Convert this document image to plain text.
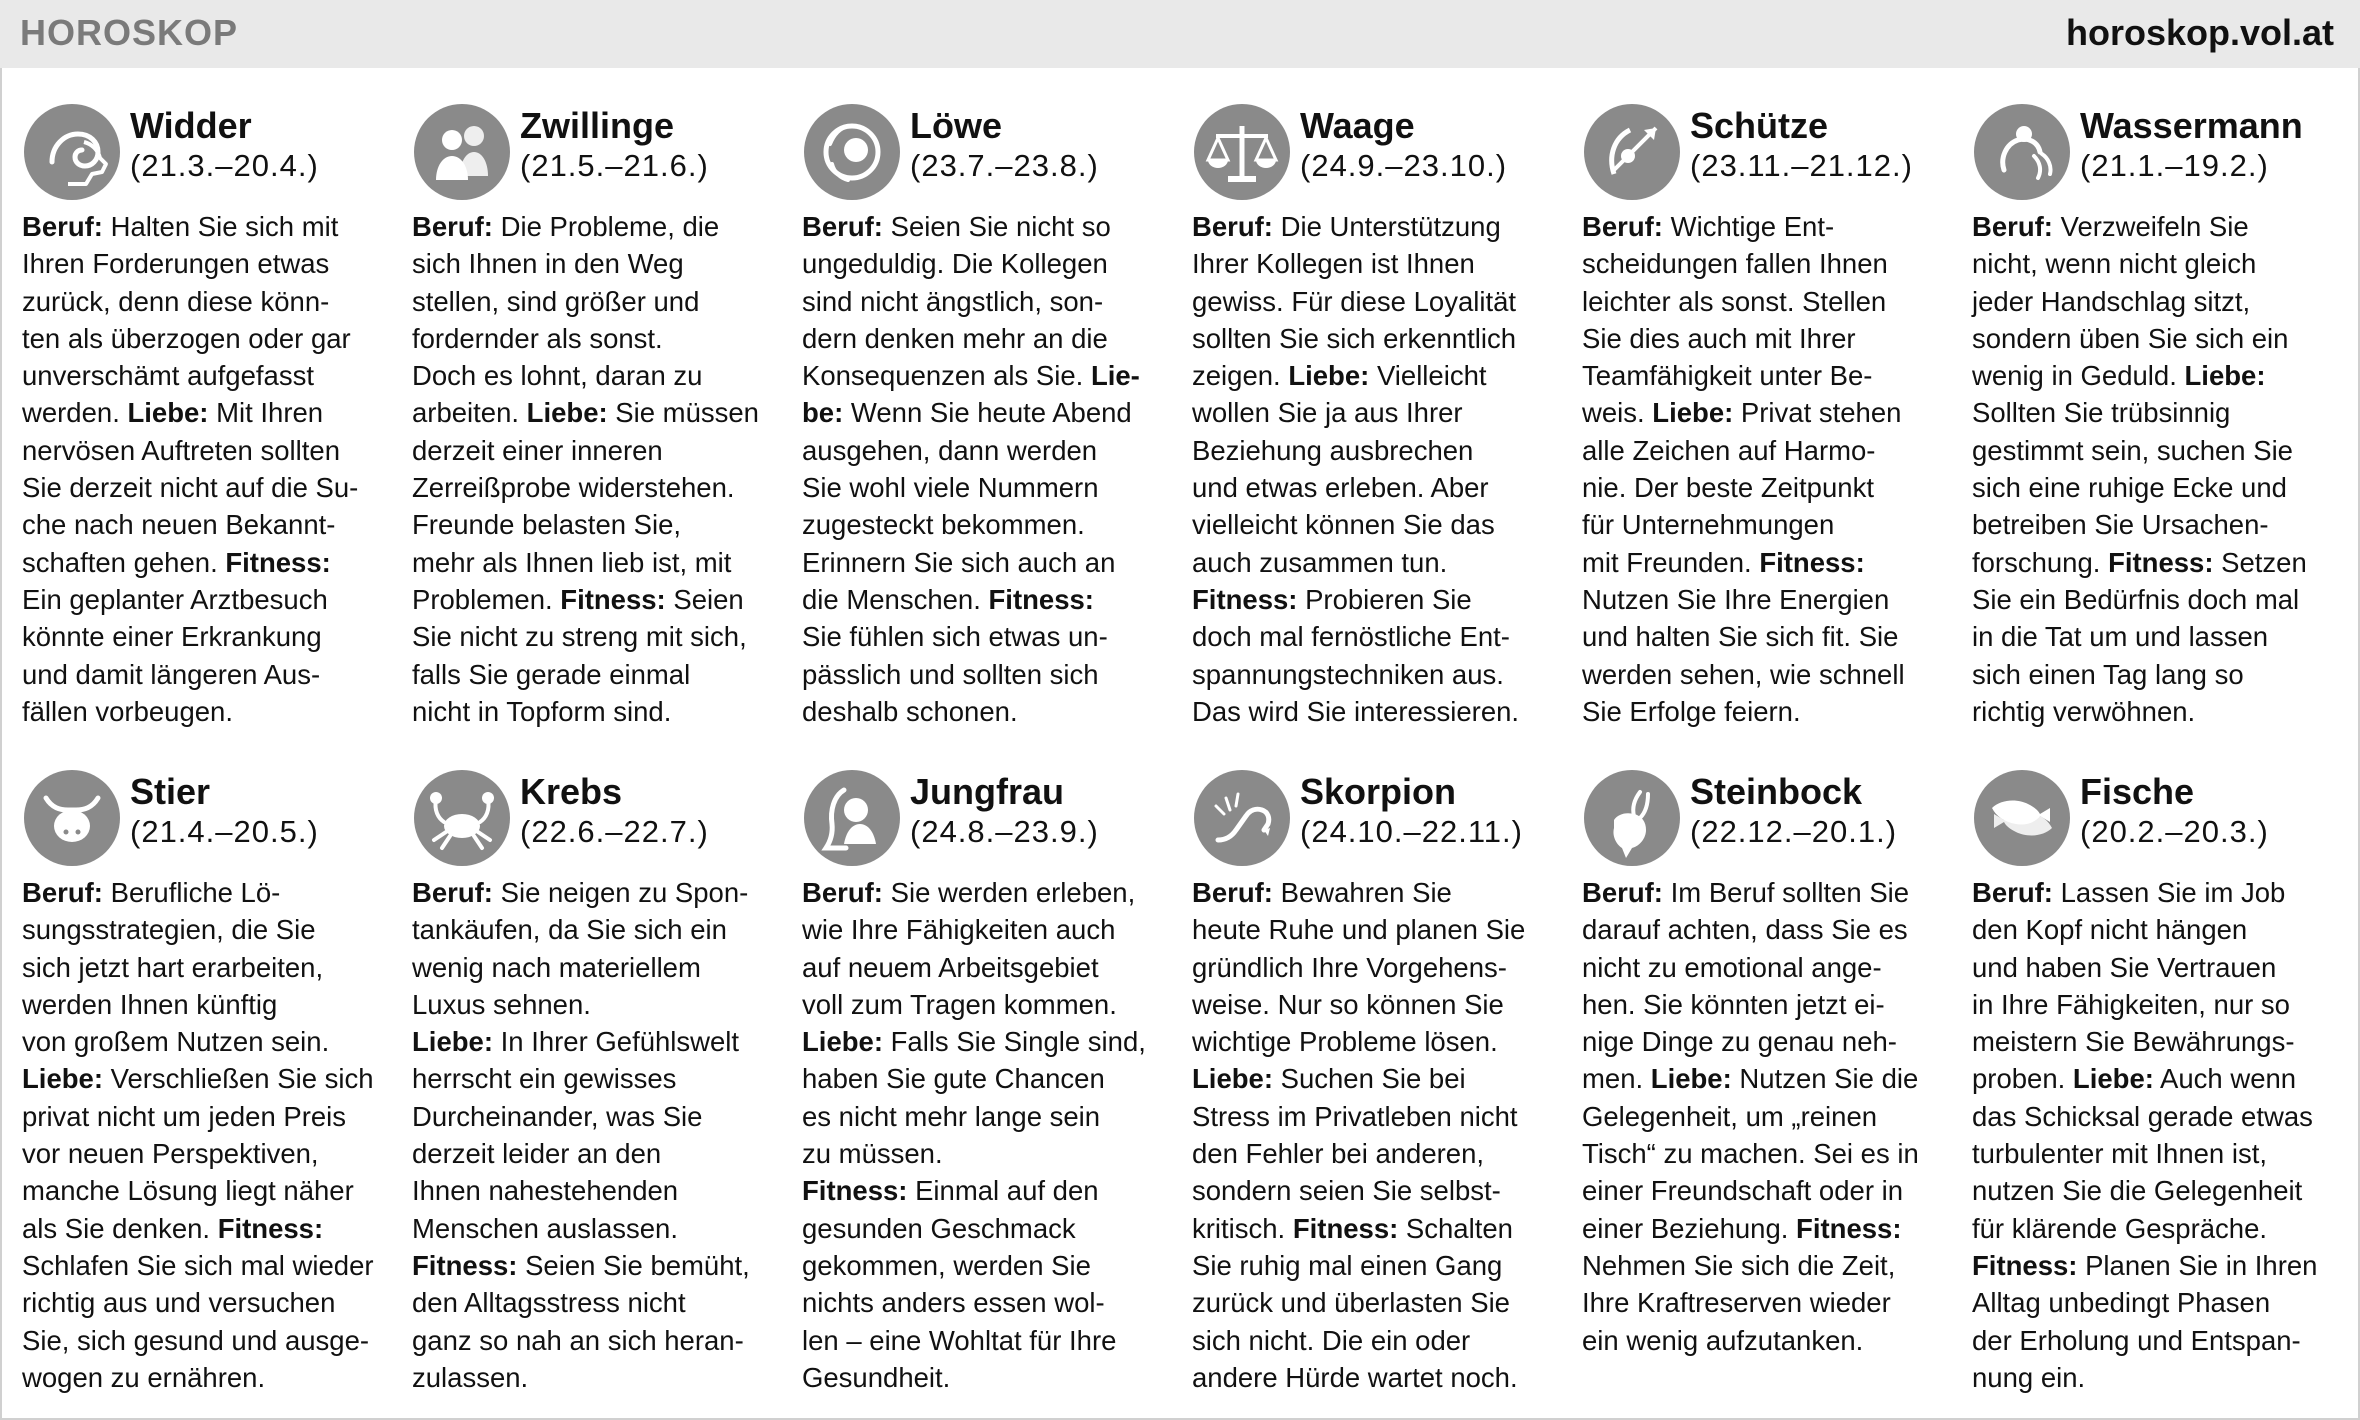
HOROSKOP	horoskop.vol.at
Widder
(21.3.–20.4.)
Beruf: Halten Sie sich mit
Ihren Forderungen etwas
zurück, denn diese könn-
ten als überzogen oder gar
unverschämt aufgefasst
werden. Liebe: Mit Ihren
nervösen Auftreten sollten
Sie derzeit nicht auf die Su-
che nach neuen Bekannt-
schaften gehen. Fitness:
Ein geplanter Arztbesuch
könnte einer Erkrankung
und damit längeren Aus-
fällen vorbeugen.
Zwillinge
(21.5.–21.6.)
Beruf: Die Probleme, die
sich Ihnen in den Weg
stellen, sind größer und
fordernder als sonst.
Doch es lohnt, daran zu
arbeiten. Liebe: Sie müssen
derzeit einer inneren
Zerreißprobe widerstehen.
Freunde belasten Sie,
mehr als Ihnen lieb ist, mit
Problemen. Fitness: Seien
Sie nicht zu streng mit sich,
falls Sie gerade einmal
nicht in Topform sind.
Löwe
(23.7.–23.8.)
Beruf: Seien Sie nicht so
ungeduldig. Die Kollegen
sind nicht ängstlich, son-
dern denken mehr an die
Konsequenzen als Sie. Lie-
be: Wenn Sie heute Abend
ausgehen, dann werden
Sie wohl viele Nummern
zugesteckt bekommen.
Erinnern Sie sich auch an
die Menschen. Fitness:
Sie fühlen sich etwas un-
pässlich und sollten sich
deshalb schonen.
Waage
(24.9.–23.10.)
Beruf: Die Unterstützung
Ihrer Kollegen ist Ihnen
gewiss. Für diese Loyalität
sollten Sie sich erkenntlich
zeigen. Liebe: Vielleicht
wollen Sie ja aus Ihrer
Beziehung ausbrechen
und etwas erleben. Aber
vielleicht können Sie das
auch zusammen tun.
Fitness: Probieren Sie
doch mal fernöstliche Ent-
spannungstechniken aus.
Das wird Sie interessieren.
Schütze
(23.11.–21.12.)
Beruf: Wichtige Ent-
scheidungen fallen Ihnen
leichter als sonst. Stellen
Sie dies auch mit Ihrer
Teamfähigkeit unter Be-
weis. Liebe: Privat stehen
alle Zeichen auf Harmo-
nie. Der beste Zeitpunkt
für Unternehmungen
mit Freunden. Fitness:
Nutzen Sie Ihre Energien
und halten Sie sich fit. Sie
werden sehen, wie schnell
Sie Erfolge feiern.
Wassermann
(21.1.–19.2.)
Beruf: Verzweifeln Sie
nicht, wenn nicht gleich
jeder Handschlag sitzt,
sondern üben Sie sich ein
wenig in Geduld. Liebe:
Sollten Sie trübsinnig
gestimmt sein, suchen Sie
sich eine ruhige Ecke und
betreiben Sie Ursachen-
forschung. Fitness: Setzen
Sie ein Bedürfnis doch mal
in die Tat um und lassen
sich einen Tag lang so
richtig verwöhnen.
Stier
(21.4.–20.5.)
Beruf: Berufliche Lö-
sungsstrategien, die Sie
sich jetzt hart erarbeiten,
werden Ihnen künftig
von großem Nutzen sein.
Liebe: Verschließen Sie sich
privat nicht um jeden Preis
vor neuen Perspektiven,
manche Lösung liegt näher
als Sie denken. Fitness:
Schlafen Sie sich mal wieder
richtig aus und versuchen
Sie, sich gesund und ausge-
wogen zu ernähren.
Krebs
(22.6.–22.7.)
Beruf: Sie neigen zu Spon-
tankäufen, da Sie sich ein
wenig nach materiellem
Luxus sehnen.
Liebe: In Ihrer Gefühlswelt
herrscht ein gewisses
Durcheinander, was Sie
derzeit leider an den
Ihnen nahestehenden
Menschen auslassen.
Fitness: Seien Sie bemüht,
den Alltagsstress nicht
ganz so nah an sich heran-
zulassen.
Jungfrau
(24.8.–23.9.)
Beruf: Sie werden erleben,
wie Ihre Fähigkeiten auch
auf neuem Arbeitsgebiet
voll zum Tragen kommen.
Liebe: Falls Sie Single sind,
haben Sie gute Chancen
es nicht mehr lange sein
zu müssen.
Fitness: Einmal auf den
gesunden Geschmack
gekommen, werden Sie
nichts anders essen wol-
len – eine Wohltat für Ihre
Gesundheit.
Skorpion
(24.10.–22.11.)
Beruf: Bewahren Sie
heute Ruhe und planen Sie
gründlich Ihre Vorgehens-
weise. Nur so können Sie
wichtige Probleme lösen.
Liebe: Suchen Sie bei
Stress im Privatleben nicht
den Fehler bei anderen,
sondern seien Sie selbst-
kritisch. Fitness: Schalten
Sie ruhig mal einen Gang
zurück und überlasten Sie
sich nicht. Die ein oder
andere Hürde wartet noch.
Steinbock
(22.12.–20.1.)
Beruf: Im Beruf sollten Sie
darauf achten, dass Sie es
nicht zu emotional ange-
hen. Sie könnten jetzt ei-
nige Dinge zu genau neh-
men. Liebe: Nutzen Sie die
Gelegenheit, um „reinen
Tisch“ zu machen. Sei es in
einer Freundschaft oder in
einer Beziehung. Fitness:
Nehmen Sie sich die Zeit,
Ihre Kraftreserven wieder
ein wenig aufzutanken.
Fische
(20.2.–20.3.)
Beruf: Lassen Sie im Job
den Kopf nicht hängen
und haben Sie Vertrauen
in Ihre Fähigkeiten, nur so
meistern Sie Bewährungs-
proben. Liebe: Auch wenn
das Schicksal gerade etwas
turbulenter mit Ihnen ist,
nutzen Sie die Gelegenheit
für klärende Gespräche.
Fitness: Planen Sie in Ihren
Alltag unbedingt Phasen
der Erholung und Entspan-
nung ein.
